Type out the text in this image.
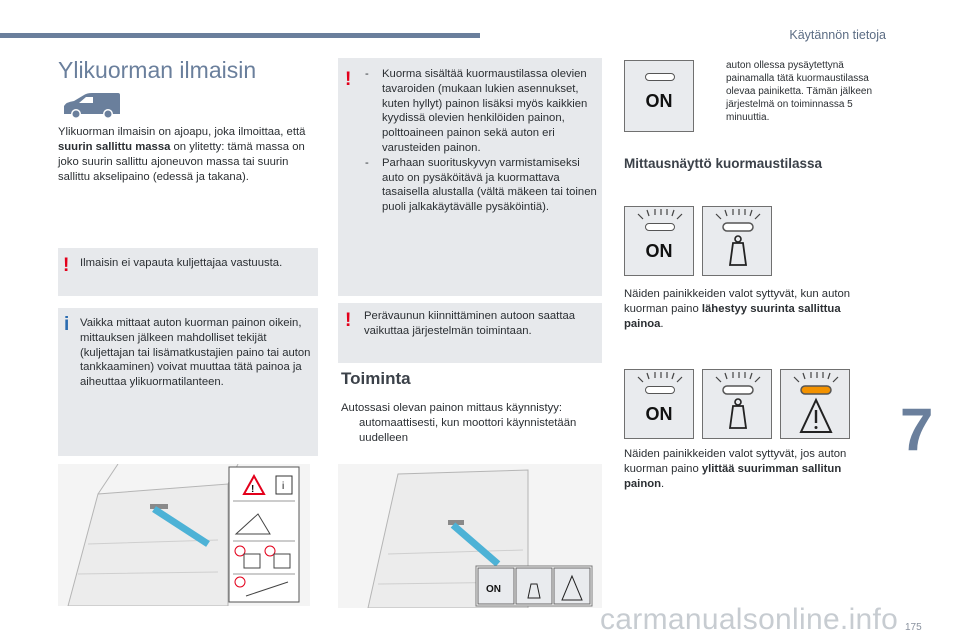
Käytännön tietoja
Ylikuorman ilmaisin

Ylikuorman ilmaisin on ajoapu, joka ilmoittaa, että suurin sallittu massa on ylitetty: tämä massa on joko suurin sallittu ajoneuvon massa tai suurin sallittu akselipaino (edessä ja takana).

! Ilmaisin ei vapauta kuljettajaa vastuusta.
i Vaikka mittaat auton kuorman painon oikein, mittauksen jälkeen mahdolliset tekijät (kuljettajan tai lisämatkustajien paino tai auton tankkaaminen) voivat muuttaa tätä painoa ja aiheuttaa ylikuormatilanteen.
!	i
! -	Kuorma sisältää kuormaustilassa olevien tavaroiden (mukaan lukien asennukset, kuten hyllyt) painon lisäksi myös kaikkien kyydissä olevien henkilöiden painon, polttoaineen painon sekä auton eri varusteiden painon.
-	Parhaan suorituskyvyn varmistamiseksi auto on pysäköitävä ja kuormattava tasaisella alustalla (vältä mäkeen tai toinen puoli jalkakäytävälle pysäköintiä).
! Perävaunun kiinnittäminen autoon saattaa vaikuttaa järjestelmän toimintaan.
Toiminta
Autossasi olevan painon mittaus käynnistyy:
automaattisesti, kun moottori käynnistetään uudelleen
ON
ON
auton ollessa pysäytettynä painamalla tätä kuormaustilassa olevaa painiketta. Tämän jälkeen järjestelmä on toiminnassa 5 minuuttia.
Mittausnäyttö kuormaustilassa
ON
Näiden painikkeiden valot syttyvät, kun auton kuorman paino lähestyy suurinta sallittua painoa.
ON
Näiden painikkeiden valot syttyvät, jos auton kuorman paino ylittää suurimman sallitun painon.
7
carmanualsonline.info 175
